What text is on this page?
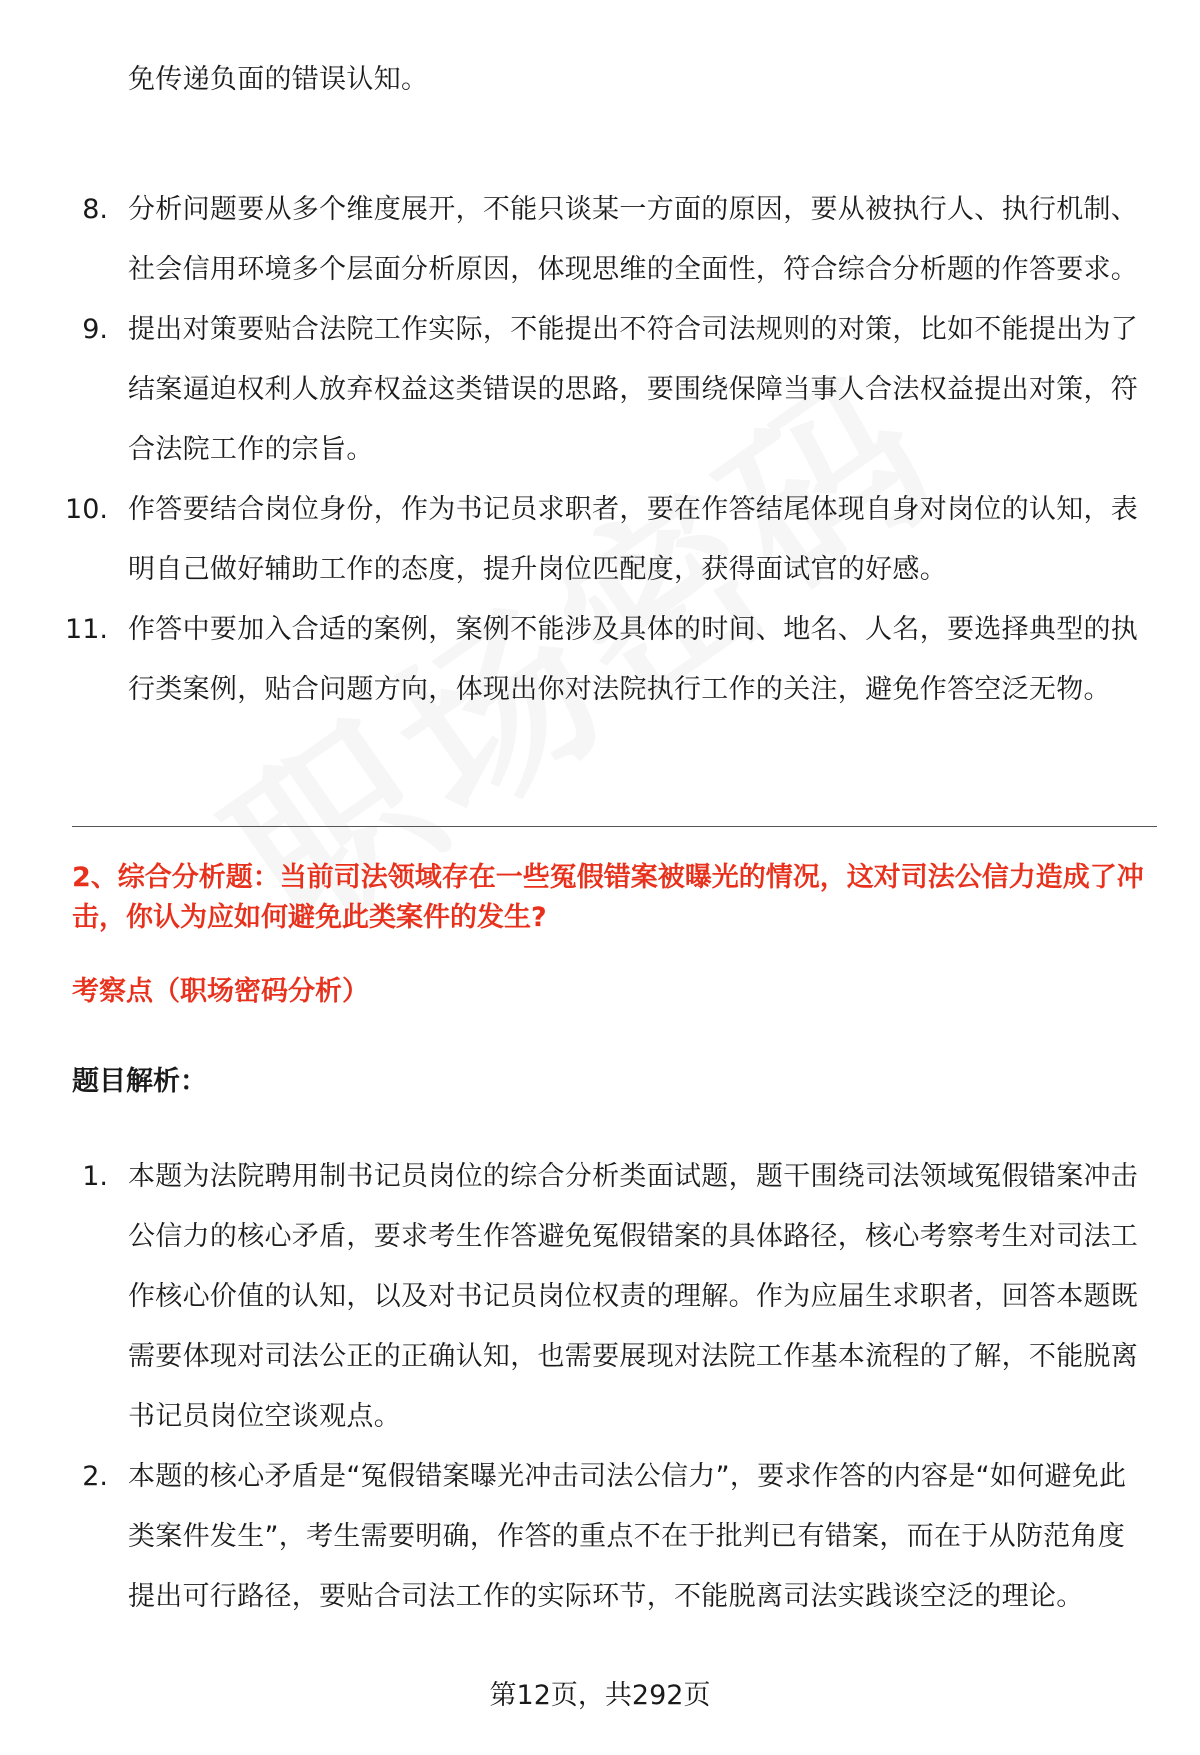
免传递负面的错误认知。
8. 分析问题要从多个维度展开，不能只谈某一方面的原因，要从被执行人、执行机制、社会信用环境多个层面分析原因，体现思维的全面性，符合综合分析题的作答要求。
9. 提出对策要贴合法院工作实际，不能提出不符合司法规则的对策，比如不能提出为了结案逼迫权利人放弃权益这类错误的思路，要围绕保障当事人合法权益提出对策，符合法院工作的宗旨。
10. 作答要结合岗位身份，作为书记员求职者，要在作答结尾体现自身对岗位的认知，表明自己做好辅助工作的态度，提升岗位匹配度，获得面试官的好感。
11. 作答中要加入合适的案例，案例不能涉及具体的时间、地名、人名，要选择典型的执行类案例，贴合问题方向，体现出你对法院执行工作的关注，避免作答空泛无物。
2、综合分析题：当前司法领域存在一些冤假错案被曝光的情况，这对司法公信力造成了冲击，你认为应如何避免此类案件的发生?
考察点（职场密码分析）
题目解析：
1. 本题为法院聘用制书记员岗位的综合分析类面试题，题干围绕司法领域冤假错案冲击公信力的核心矛盾，要求考生作答避免冤假错案的具体路径，核心考察考生对司法工作核心价值的认知，以及对书记员岗位权责的理解。作为应届生求职者，回答本题既需要体现对司法公正的正确认知，也需要展现对法院工作基本流程的了解，不能脱离书记员岗位空谈观点。
2. 本题的核心矛盾是“冤假错案曝光冲击司法公信力”，要求作答的内容是“如何避免此类案件发生”，考生需要明确，作答的重点不在于批判已有错案，而在于从防范角度提出可行路径，要贴合司法工作的实际环节，不能脱离司法实践谈空泛的理论。
第12页，共292页
